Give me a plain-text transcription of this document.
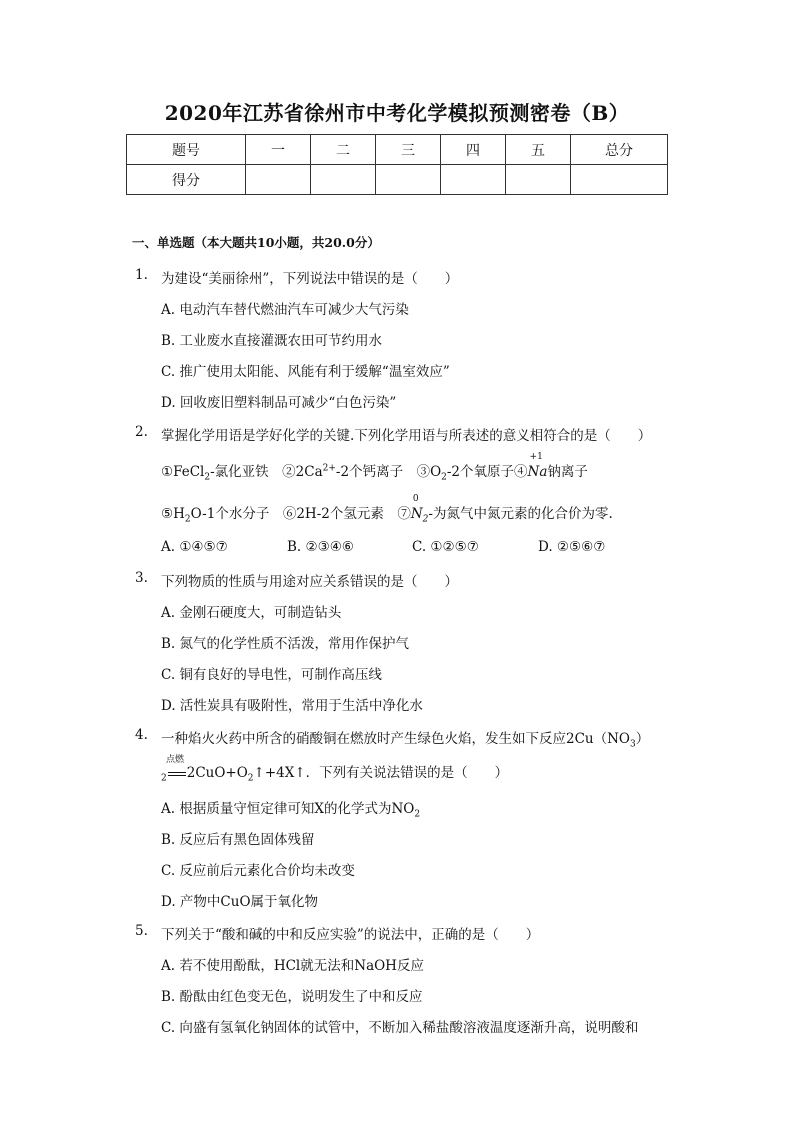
2020年江苏省徐州市中考化学模拟预测密卷（B）
题号	一	二	三	四	五	总分
得分						
一、单选题（本大题共10小题，共20.0分）
1. 为建设“美丽徐州”，下列说法中错误的是（　　）
A. 电动汽车替代燃油汽车可减少大气污染
B. 工业废水直接灌溉农田可节约用水
C. 推广使用太阳能、风能有利于缓解“温室效应”
D. 回收废旧塑料制品可减少“白色污染”
2. 掌握化学用语是学好化学的关键.下列化学用语与所表述的意义相符合的是（　　）
①FeCl$_2$-氯化亚铁　$②2Ca^{2+}-2$个钙离子　$③O_2-2$个氧原子④
+1
Na钠离子
$⑤H_2O-1$个水分子　⑥2H-2个氢元素　⑦
0
$N_2-$为氮气中氮元素的化合价为零.
A. ①④⑤⑦	B. ②③④⑥	C. ①②⑤⑦	D. ②⑤⑥⑦
3. 下列物质的性质与用途对应关系错误的是（　　）
A. 金刚石硬度大，可制造钻头
B. 氮气的化学性质不活泼，常用作保护气
C. 铜有良好的导电性，可制作高压线
D. 活性炭具有吸附性，常用于生活中净化水
4. 一种焰火火药中所含的硝酸铜在燃放时产生绿色火焰，发生如下反应$2Cu(NO_3)$
点燃
$_2$ $2CuO+O_2↑+4X↑$．下列有关说法错误的是（　　）
A. 根据质量守恒定律可知X的化学式为$NO_2$
B. 反应后有黑色固体残留
C. 反应前后元素化合价均未改变
D. 产物中CuO属于氧化物
5. 下列关于“酸和碱的中和反应实验”的说法中，正确的是（　　）
A. 若不使用酚酞，HCl就无法和NaOH反应
B. 酚酞由红色变无色，说明发生了中和反应
C. 向盛有氢氧化钠固体的试管中，不断加入稀盐酸溶液温度逐渐升高，说明酸和
